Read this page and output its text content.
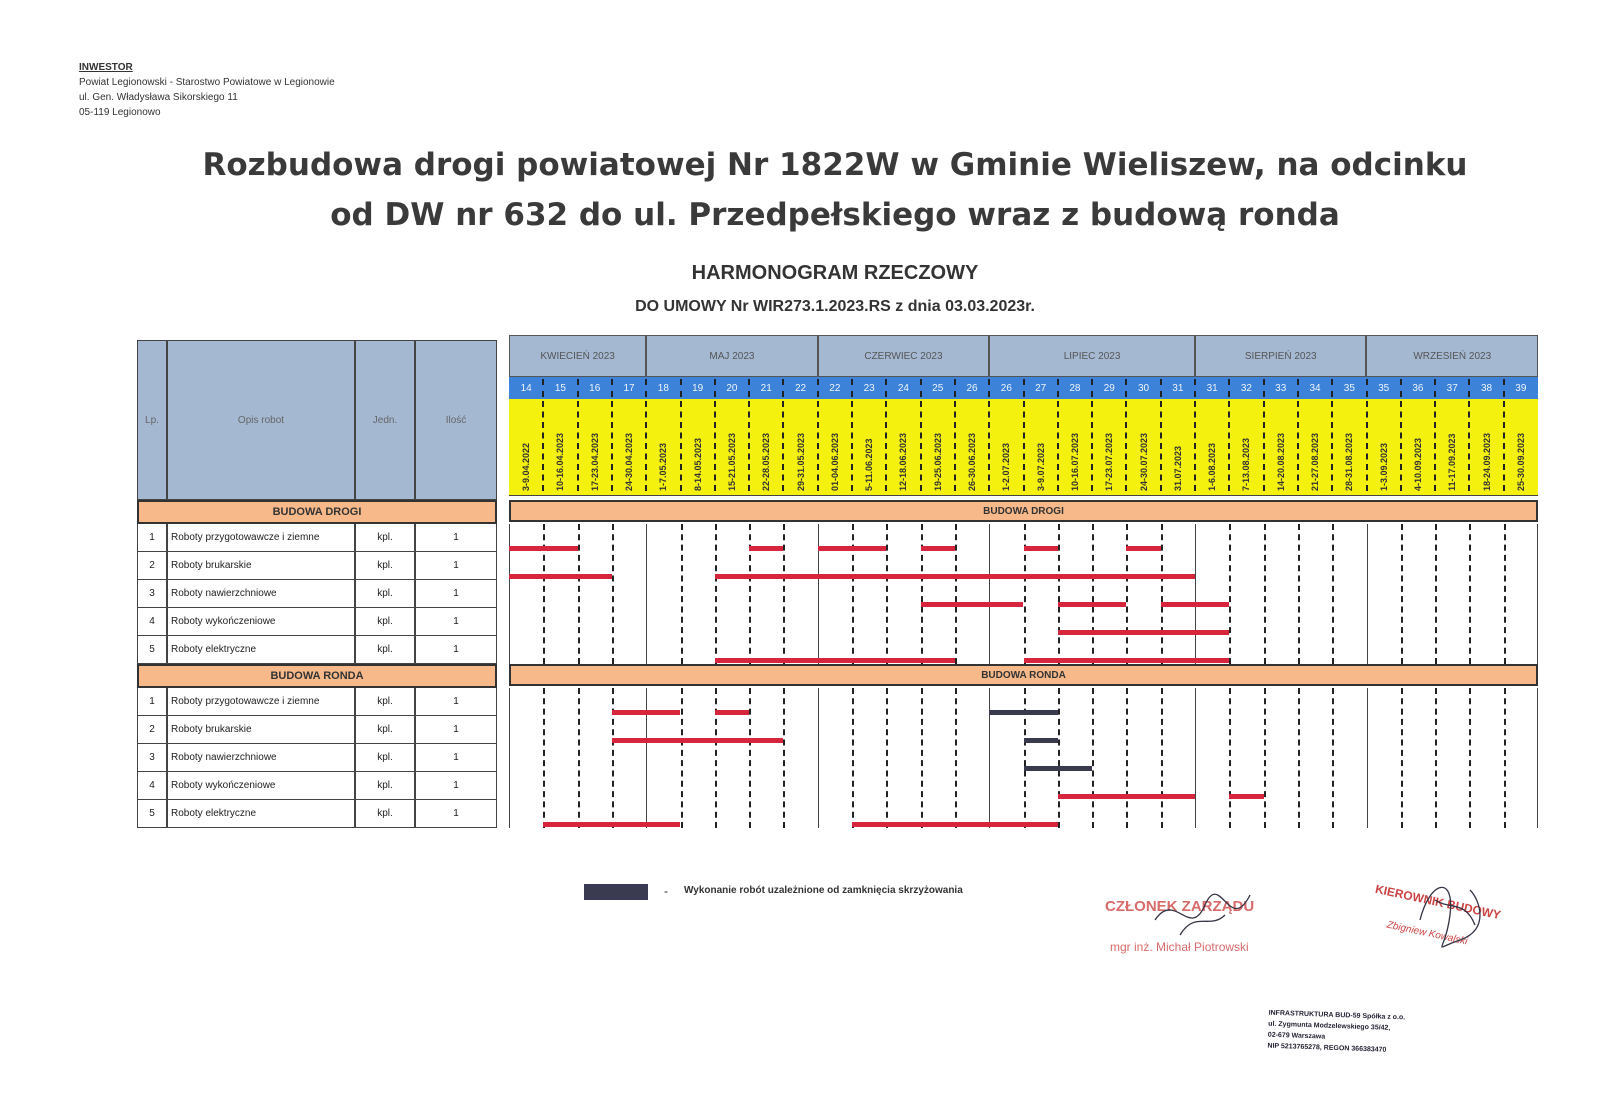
INWESTOR
Powiat Legionowski - Starostwo Powiatowe w Legionowie
ul. Gen. Władysława Sikorskiego 11
05-119 Legionowo
Rozbudowa drogi powiatowej Nr 1822W w Gminie Wieliszew, na odcinku
od DW nr 632 do ul. Przedpełskiego wraz z budową ronda
HARMONOGRAM RZECZOWY
DO UMOWY Nr WIR273.1.2023.RS z dnia 03.03.2023r.
Lp.	Opis robot	Jedn.	Ilość
BUDOWA DROGI
1	Roboty przygotowawcze i ziemne	kpl.	1
2	Roboty brukarskie	kpl.	1
3	Roboty nawierzchniowe	kpl.	1
4	Roboty wykończeniowe	kpl.	1
5	Roboty elektryczne	kpl.	1
BUDOWA RONDA
1	Roboty przygotowawcze i ziemne	kpl.	1
2	Roboty brukarskie	kpl.	1
3	Roboty nawierzchniowe	kpl.	1
4	Roboty wykończeniowe	kpl.	1
5	Roboty elektryczne	kpl.	1
KWIECIEŃ 2023	MAJ 2023	CZERWIEC 2023	LIPIEC 2023	SIERPIEŃ 2023	WRZESIEŃ 2023
14	15	16	17	18	19	20	21	22	22	23	24	25	26	26	27	28	29	30	31	31	32	33	34	35	35	36	37	38	39
3-9.04.2022	10-16.04.2023	17-23.04.2023	24-30.04.2023	1-7.05.2023	8-14.05.2023	15-21.05.2023	22-28.05.2023	29-31.05.2023	01-04.06.2023	5-11.06.2023	12-18.06.2023	19-25.06.2023	26-30.06.2023	1-2.07.2023	3-9.07.2023	10-16.07.2023	17-23.07.2023	24-30.07.2023	31.07.2023	1-6.08.2023	7-13.08.2023	14-20.08.2023	21-27.08.2023	28-31.08.2023	1-3.09.2023	4-10.09.2023	11-17.09.2023	18-24.09.2023	25-30.09.2023
BUDOWA DROGI
BUDOWA RONDA
- Wykonanie robót uzależnione od zamknięcia skrzyżowania
CZŁONEK ZARZĄDU
mgr inż. Michał Piotrowski
KIEROWNIK BUDOWY
Zbigniew Kowalski
INFRASTRUKTURA BUD-59 Spółka z o.o.
ul. Zygmunta Modzelewskiego 35/42,
02-679 Warszawa
NIP 5213765278, REGON 366383470
